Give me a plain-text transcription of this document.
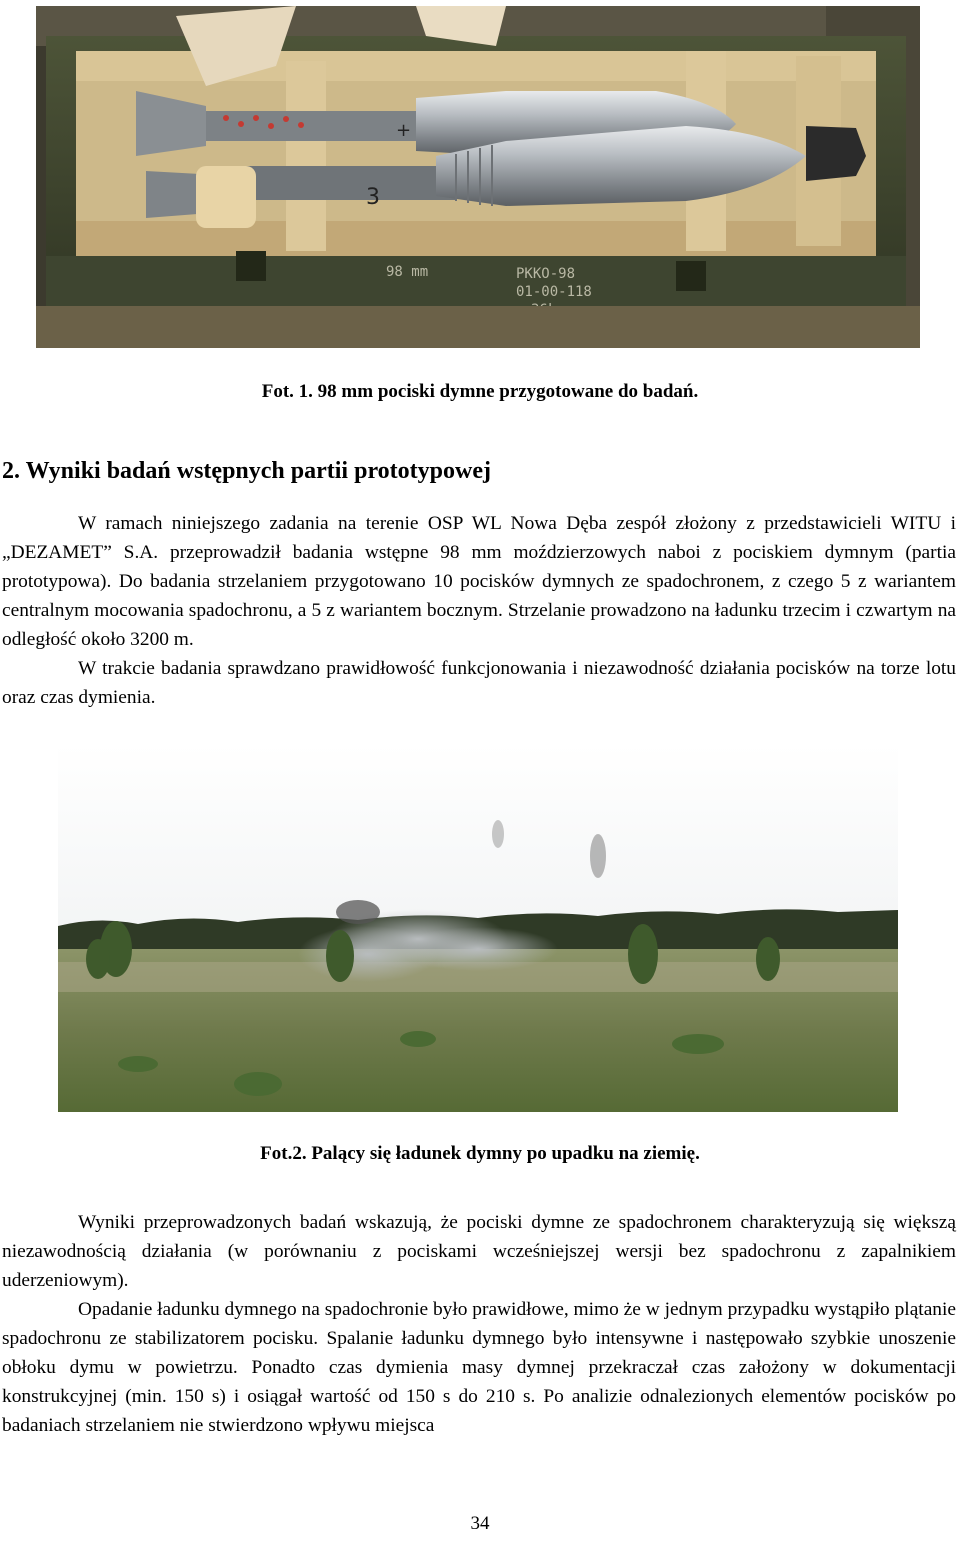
3
+
98 mm	PKKO-98
01-00-118
Fot. 1. 98 mm pociski dymne przygotowane do badań.
2. Wyniki badań wstępnych partii prototypowej

W ramach niniejszego zadania na terenie OSP WL Nowa Dęba zespół złożony z przedstawicieli WITU i „DEZAMET” S.A. przeprowadził badania wstępne 98 mm moździerzowych naboi z pociskiem dymnym (partia prototypowa). Do badania strzelaniem przygotowano 10 pocisków dymnych ze spadochronem, z czego 5 z wariantem centralnym mocowania spadochronu, a 5 z wariantem bocznym. Strzelanie prowadzono na ładunku trzecim i czwartym na odległość około 3200 m.
W trakcie badania sprawdzano prawidłowość funkcjonowania i niezawodność działania pocisków na torze lotu oraz czas dymienia.

Fot.2. Palący się ładunek dymny po upadku na ziemię.

Wyniki przeprowadzonych badań wskazują, że pociski dymne ze spadochronem charakteryzują się większą niezawodnością działania (w porównaniu z pociskami wcześniejszej wersji bez spadochronu z zapalnikiem uderzeniowym).

Opadanie ładunku dymnego na spadochronie było prawidłowe, mimo że w jednym przypadku wystąpiło plątanie spadochronu ze stabilizatorem pocisku. Spalanie ładunku dymnego było intensywne i następowało szybkie unoszenie obłoku dymu w powietrzu. Ponadto czas dymienia masy dymnej przekraczał czas założony w dokumentacji konstrukcyjnej (min. 150 s) i osiągał wartość od 150 s do 210 s. Po analizie odnalezionych elementów pocisków po badaniach strzelaniem nie stwierdzono wpływu miejsca

34
